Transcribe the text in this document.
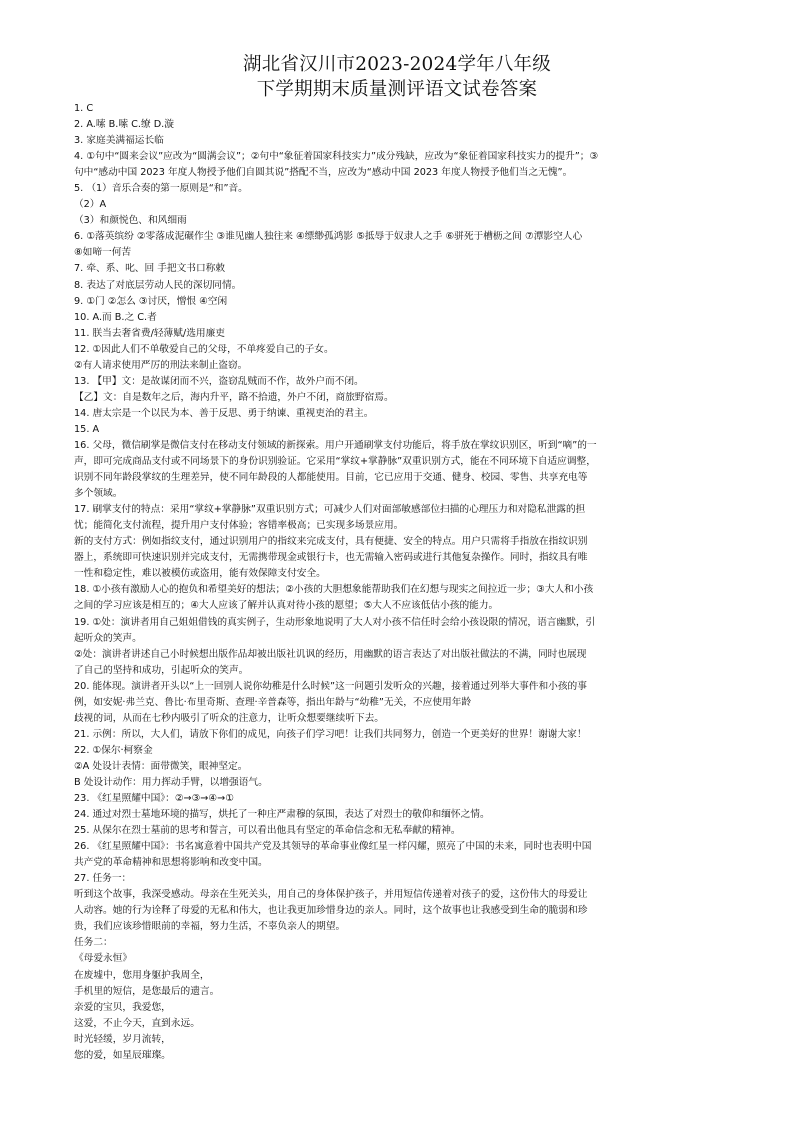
湖北省汉川市2023-2024学年八年级
下学期期末质量测评语文试卷答案
1. C
2. A.嗦 B.嗦 C.缭 D.漩
3. 家庭美满福运长临
4. ①句中“圆来会议”应改为“圆满会议”；②句中“象征着国家科技实力”成分残缺，应改为“象征着国家科技实力的提升”；③
句中“感动中国 2023 年度人物授予他们自圆其说”搭配不当，应改为“感动中国 2023 年度人物授予他们当之无愧”。
5. （1）音乐合奏的第一原则是“和”音。
（2）A
（3）和颜悦色、和风细雨
6. ①落英缤纷 ②零落成泥碾作尘 ③谁见幽人独往来 ④缥缈孤鸿影 ⑤抵辱于奴隶人之手 ⑥骈死于槽枥之间 ⑦潭影空人心
⑧如啼一何苦
7. 牵、系、叱、回 手把文书口称敕
8. 表达了对底层劳动人民的深切同情。
9. ①门 ②怎么 ③讨厌，憎恨 ④空闲
10. A.而 B.之 C.者
11. 朕当去奢省费/轻薄赋/选用廉吏
12. ①因此人们不单敬爱自己的父母，不单疼爱自己的子女。
②有人请求使用严厉的刑法来制止盗窃。
13. 【甲】文：是故谋闭而不兴，盗窃乱贼而不作，故外户而不闭。
【乙】文：自是数年之后，海内升平，路不拾遗，外户不闭，商旅野宿焉。
14. 唐太宗是一个以民为本、善于反思、勇于纳谏、重视吏治的君主。
15. A
16. 父母，微信刷掌是微信支付在移动支付领域的新探索。用户开通刷掌支付功能后，将手放在掌纹识别区，听到“嘀”的一
声，即可完成商品支付或不同场景下的身份识别验证。它采用“掌纹+掌静脉”双重识别方式，能在不同环境下自适应调整，
识别不同年龄段掌纹的生理差异，使不同年龄段的人都能使用。目前，它已应用于交通、健身、校园、零售、共享充电等
多个领域。
17. 刷掌支付的特点：采用“掌纹+掌静脉”双重识别方式；可减少人们对面部敏感部位扫描的心理压力和对隐私泄露的担
忧；能简化支付流程，提升用户支付体验；容错率极高；已实现多场景应用。
新的支付方式：例如指纹支付，通过识别用户的指纹来完成支付，具有便捷、安全的特点。用户只需将手指放在指纹识别
器上，系统即可快速识别并完成支付，无需携带现金或银行卡，也无需输入密码或进行其他复杂操作。同时，指纹具有唯
一性和稳定性，难以被模仿或盗用，能有效保障支付安全。
18. ①小孩有激励人心的抱负和希望美好的想法；②小孩的大胆想象能帮助我们在幻想与现实之间拉近一步；③大人和小孩
之间的学习应该是相互的；④大人应该了解并认真对待小孩的愿望；⑤大人不应该低估小孩的能力。
19. ①处：演讲者用自己姐姐借钱的真实例子，生动形象地说明了大人对小孩不信任时会给小孩设限的情况，语言幽默，引
起听众的笑声。
②处：演讲者讲述自己小时候想出版作品却被出版社讥讽的经历，用幽默的语言表达了对出版社做法的不满，同时也展现
了自己的坚持和成功，引起听众的笑声。
20. 能体现。演讲者开头以“上一回别人说你幼稚是什么时候”这一问题引发听众的兴趣，接着通过列举大事件和小孩的事
例，如安妮·弗兰克、鲁比·布里奇斯、查理·辛普森等，指出年龄与“幼稚”无关，不应使用年龄
歧视的词，从而在七秒内吸引了听众的注意力，让听众想要继续听下去。
21. 示例：所以，大人们，请放下你们的成见，向孩子们学习吧！让我们共同努力，创造一个更美好的世界！谢谢大家！
22. ①保尔·柯察金
②A 处设计表情：面带微笑，眼神坚定。
B 处设计动作：用力挥动手臂，以增强语气。
23. 《红星照耀中国》：②→③→④→①
24. 通过对烈士墓地环境的描写，烘托了一种庄严肃穆的氛围，表达了对烈士的敬仰和缅怀之情。
25. 从保尔在烈士墓前的思考和誓言，可以看出他具有坚定的革命信念和无私奉献的精神。
26. 《红星照耀中国》：书名寓意着中国共产党及其领导的革命事业像红星一样闪耀，照亮了中国的未来，同时也表明中国
共产党的革命精神和思想将影响和改变中国。
27. 任务一：
听到这个故事，我深受感动。母亲在生死关头，用自己的身体保护孩子，并用短信传递着对孩子的爱，这份伟大的母爱让
人动容。她的行为诠释了母爱的无私和伟大，也让我更加珍惜身边的亲人。同时，这个故事也让我感受到生命的脆弱和珍
贵，我们应该珍惜眼前的幸福，努力生活，不辜负亲人的期望。
任务二：
《母爱永恒》
在废墟中，您用身躯护我周全，
手机里的短信，是您最后的遗言。
亲爱的宝贝，我爱您，
这爱，不止今天，直到永远。
时光轻缓，岁月流转，
您的爱，如星辰璀璨。
